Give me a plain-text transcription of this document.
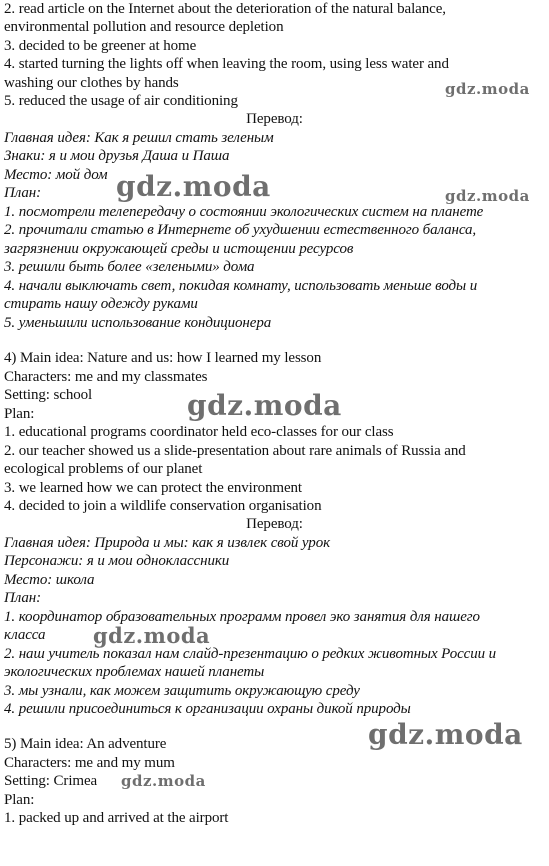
2. read article on the Internet about the deterioration of the natural balance,
environmental pollution and resource depletion
3. decided to be greener at home
4. started turning the lights off when leaving the room, using less water and
washing our clothes by hands
5. reduced the usage of air conditioning
Перевод:
Главная идея: Как я решил стать зеленым
Знаки: я и мои друзья Даша и Паша
Место: мой дом
План:
1. посмотрели телепередачу о состоянии экологических систем на планете
2. прочитали статью в Интернете об ухудшении естественного баланса,
загрязнении окружающей среды и истощении ресурсов
3. решили быть более «зелеными» дома
4. начали выключать свет, покидая комнату, использовать меньше воды и
стирать нашу одежду руками
5. уменьшили использование кондиционера
4) Main idea: Nature and us: how I learned my lesson
Characters: me and my classmates
Setting: school
Plan:
1. educational programs coordinator held eco-classes for our class
2. our teacher showed us a slide-presentation about rare animals of Russia and
ecological problems of our planet
3. we learned how we can protect the environment
4. decided to join a wildlife conservation organisation
Перевод:
Главная идея: Природа и мы: как я извлек свой урок
Персонажи: я и мои одноклассники
Место: школа
План:
1. координатор образовательных программ провел эко занятия для нашего
класса
2. наш учитель показал нам слайд-презентацию о редких животных России и
экологических проблемах нашей планеты
3. мы узнали, как можем защитить окружающую среду
4. решили присоединиться к организации охраны дикой природы
5) Main idea: An adventure
Characters: me and my mum
Setting: Crimea
Plan:
1. packed up and arrived at the airport
gdz.moda
gdz.moda	gdz.moda
gdz.moda
gdz.moda
gdz.moda
gdz.moda
